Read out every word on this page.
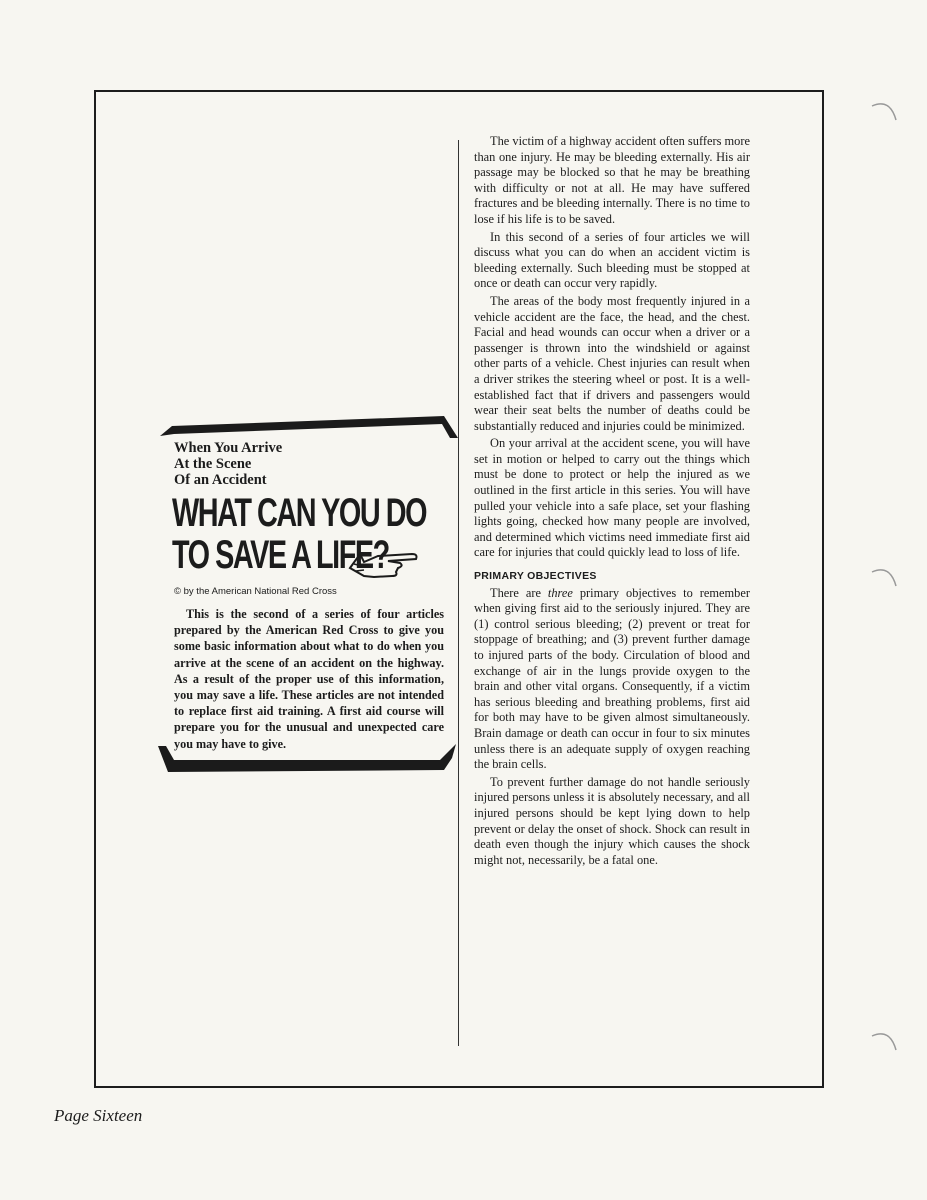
When You Arrive
At the Scene
Of an Accident
WHAT CAN YOU DO
TO SAVE A LIFE?
© by the American National Red Cross
This is the second of a series of four articles prepared by the American Red Cross to give you some basic information about what to do when you arrive at the scene of an accident on the highway. As a result of the proper use of this information, you may save a life. These articles are not intended to replace first aid training. A first aid course will prepare you for the unusual and unexpected care you may have to give.

The victim of a highway accident often suffers more than one injury. He may be bleeding externally. His air passage may be blocked so that he may be breathing with difficulty or not at all. He may have suffered fractures and be bleeding internally. There is no time to lose if his life is to be saved.

In this second of a series of four articles we will discuss what you can do when an accident victim is bleeding externally. Such bleeding must be stopped at once or death can occur very rapidly.

The areas of the body most frequently injured in a vehicle accident are the face, the head, and the chest. Facial and head wounds can occur when a driver or a passenger is thrown into the windshield or against other parts of a vehicle. Chest injuries can result when a driver strikes the steering wheel or post. It is a well-established fact that if drivers and passengers would wear their seat belts the number of deaths could be substantially reduced and injuries could be minimized.

On your arrival at the accident scene, you will have set in motion or helped to carry out the things which must be done to protect or help the injured as we outlined in the first article in this series. You will have pulled your vehicle into a safe place, set your flashing lights going, checked how many people are involved, and determined which victims need immediate first aid care for injuries that could quickly lead to loss of life.

PRIMARY OBJECTIVES

There are three primary objectives to remember when giving first aid to the seriously injured. They are (1) control serious bleeding; (2) prevent or treat for stoppage of breathing; and (3) prevent further damage to injured parts of the body. Circulation of blood and exchange of air in the lungs provide oxygen to the brain and other vital organs. Consequently, if a victim has serious bleeding and breathing problems, first aid for both may have to be given almost simultaneously. Brain damage or death can occur in four to six minutes unless there is an adequate supply of oxygen reaching the brain cells.

To prevent further damage do not handle seriously injured persons unless it is absolutely necessary, and all injured persons should be kept lying down to help prevent or delay the onset of shock. Shock can result in death even though the injury which causes the shock might not, necessarily, be a fatal one.

Page Sixteen
